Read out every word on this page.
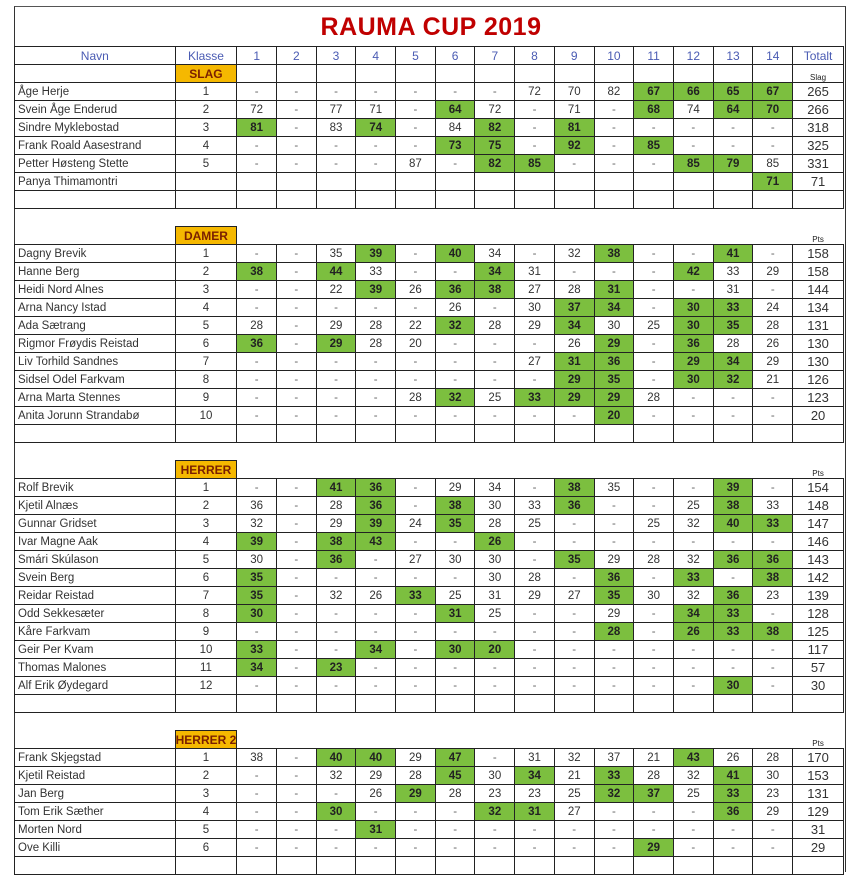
RAUMA CUP 2019
Navn	Klasse	1	2	3	4	5	6	7	8	9	10	11	12	13	14	Totalt
	SLAG															Slag
Åge Herje	1	-	-	-	-	-	-	-	72	70	82	67	66	65	67	265
Svein Åge Enderud	2	72	-	77	71	-	64	72	-	71	-	68	74	64	70	266
Sindre Myklebostad	3	81	-	83	74	-	84	82	-	81	-	-	-	-	-	318
Frank Roald Aasestrand	4	-	-	-	-	-	73	75	-	92	-	85	-	-	-	325
Petter Høsteng Stette	5	-	-	-	-	87	-	82	85	-	-	-	85	79	85	331
Panya Thimamontri															71	71

	DAMER															Pts
Dagny Brevik	1	-	-	35	39	-	40	34	-	32	38	-	-	41	-	158
Hanne Berg	2	38	-	44	33	-	-	34	31	-	-	-	42	33	29	158
Heidi Nord Alnes	3	-	-	22	39	26	36	38	27	28	31	-	-	31	-	144
Arna Nancy Istad	4	-	-	-	-	-	26	-	30	37	34	-	30	33	24	134
Ada Sætrang	5	28	-	29	28	22	32	28	29	34	30	25	30	35	28	131
Rigmor Frøydis Reistad	6	36	-	29	28	20	-	-	-	26	29	-	36	28	26	130
Liv Torhild Sandnes	7	-	-	-	-	-	-	-	27	31	36	-	29	34	29	130
Sidsel Odel Farkvam	8	-	-	-	-	-	-	-	-	29	35	-	30	32	21	126
Arna Marta Stennes	9	-	-	-	-	28	32	25	33	29	29	28	-	-	-	123
Anita Jorunn Strandabø	10	-	-	-	-	-	-	-	-	-	20	-	-	-	-	20

	HERRER															Pts
Rolf Brevik	1	-	-	41	36	-	29	34	-	38	35	-	-	39	-	154
Kjetil Alnæs	2	36	-	28	36	-	38	30	33	36	-	-	25	38	33	148
Gunnar Gridset	3	32	-	29	39	24	35	28	25	-	-	25	32	40	33	147
Ivar Magne Aak	4	39	-	38	43	-	-	26	-	-	-	-	-	-	-	146
Smári Skúlason	5	30	-	36	-	27	30	30	-	35	29	28	32	36	36	143
Svein Berg	6	35	-	-	-	-	-	30	28	-	36	-	33	-	38	142
Reidar Reistad	7	35	-	32	26	33	25	31	29	27	35	30	32	36	23	139
Odd Sekkesæter	8	30	-	-	-	-	31	25	-	-	29	-	34	33	-	128
Kåre Farkvam	9	-	-	-	-	-	-	-	-	-	28	-	26	33	38	125
Geir Per Kvam	10	33	-	-	34	-	30	20	-	-	-	-	-	-	-	117
Thomas Malones	11	34	-	23	-	-	-	-	-	-	-	-	-	-	-	57
Alf Erik Øydegard	12	-	-	-	-	-	-	-	-	-	-	-	-	30	-	30

	HERRER 2															Pts
Frank Skjegstad	1	38	-	40	40	29	47	-	31	32	37	21	43	26	28	170
Kjetil Reistad	2	-	-	32	29	28	45	30	34	21	33	28	32	41	30	153
Jan Berg	3	-	-	-	26	29	28	23	23	25	32	37	25	33	23	131
Tom Erik Sæther	4	-	-	30	-	-	-	32	31	27	-	-	-	36	29	129
Morten Nord	5	-	-	-	31	-	-	-	-	-	-	-	-	-	-	31
Ove Killi	6	-	-	-	-	-	-	-	-	-	-	29	-	-	-	29
